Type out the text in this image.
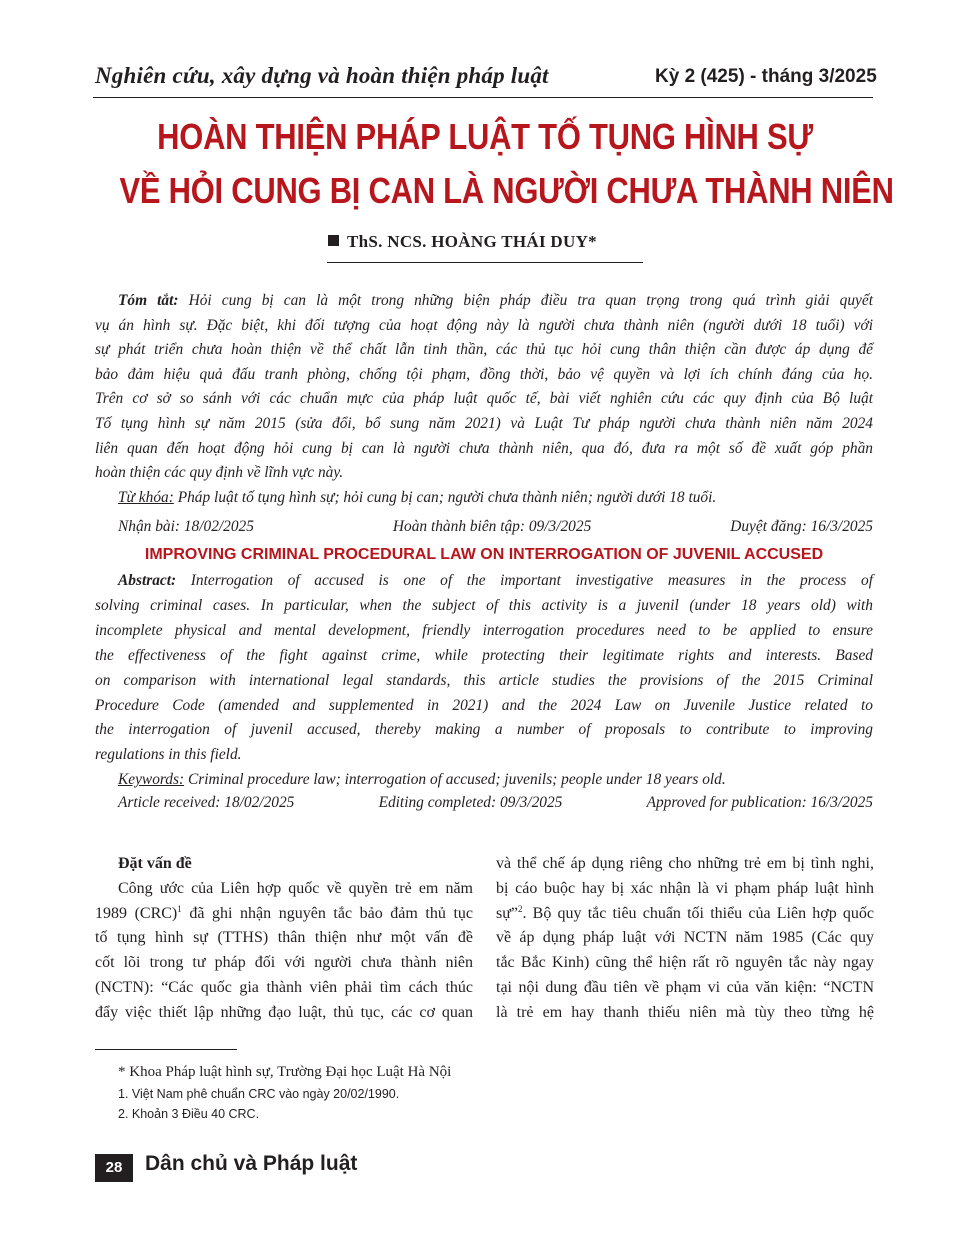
Nghiên cứu, xây dựng và hoàn thiện pháp luật	Kỳ 2 (425) - tháng 3/2025
HOÀN THIỆN PHÁP LUẬT TỐ TỤNG HÌNH SỰ
VỀ HỎI CUNG BỊ CAN LÀ NGƯỜI CHƯA THÀNH NIÊN
ThS. NCS. HOÀNG THÁI DUY*
Tóm tắt: Hỏi cung bị can là một trong những biện pháp điều tra quan trọng trong quá trình giải quyết
vụ án hình sự. Đặc biệt, khi đối tượng của hoạt động này là người chưa thành niên (người dưới 18 tuổi) với
sự phát triển chưa hoàn thiện về thể chất lẫn tinh thần, các thủ tục hỏi cung thân thiện cần được áp dụng để
bảo đảm hiệu quả đấu tranh phòng, chống tội phạm, đồng thời, bảo vệ quyền và lợi ích chính đáng của họ.
Trên cơ sở so sánh với các chuẩn mực của pháp luật quốc tế, bài viết nghiên cứu các quy định của Bộ luật
Tố tụng hình sự năm 2015 (sửa đổi, bổ sung năm 2021) và Luật Tư pháp người chưa thành niên năm 2024
liên quan đến hoạt động hỏi cung bị can là người chưa thành niên, qua đó, đưa ra một số đề xuất góp phần
hoàn thiện các quy định về lĩnh vực này.
Từ khóa: Pháp luật tố tụng hình sự; hỏi cung bị can; người chưa thành niên; người dưới 18 tuổi.
Nhận bài: 18/02/2025	Hoàn thành biên tập: 09/3/2025	Duyệt đăng: 16/3/2025
IMPROVING CRIMINAL PROCEDURAL LAW ON INTERROGATION OF JUVENIL ACCUSED
Abstract: Interrogation of accused is one of the important investigative measures in the process of
solving criminal cases. In particular, when the subject of this activity is a juvenil (under 18 years old) with
incomplete physical and mental development, friendly interrogation procedures need to be applied to ensure
the effectiveness of the fight against crime, while protecting their legitimate rights and interests. Based
on comparison with international legal standards, this article studies the provisions of the 2015 Criminal
Procedure Code (amended and supplemented in 2021) and the 2024 Law on Juvenile Justice related to
the interrogation of juvenil accused, thereby making a number of proposals to contribute to improving
regulations in this field.
Keywords: Criminal procedure law; interrogation of accused; juvenils; people under 18 years old.
Article received: 18/02/2025	Editing completed: 09/3/2025	Approved for publication: 16/3/2025
Đặt vấn đề
Công ước của Liên hợp quốc về quyền trẻ em năm
1989 (CRC)$^1$ đã ghi nhận nguyên tắc bảo đảm thủ tục
tố tụng hình sự (TTHS) thân thiện như một vấn đề
cốt lõi trong tư pháp đối với người chưa thành niên
(NCTN): “Các quốc gia thành viên phải tìm cách thúc
đẩy việc thiết lập những đạo luật, thủ tục, các cơ quan
và thể chế áp dụng riêng cho những trẻ em bị tình nghi,
bị cáo buộc hay bị xác nhận là vi phạm pháp luật hình
sự”$^2$. Bộ quy tắc tiêu chuẩn tối thiểu của Liên hợp quốc
về áp dụng pháp luật với NCTN năm 1985 (Các quy
tắc Bắc Kinh) cũng thể hiện rất rõ nguyên tắc này ngay
tại nội dung đầu tiên về phạm vi của văn kiện: “NCTN
là trẻ em hay thanh thiếu niên mà tùy theo từng hệ
* Khoa Pháp luật hình sự, Trường Đại học Luật Hà Nội
1. Việt Nam phê chuẩn CRC vào ngày 20/02/1990.
2. Khoản 3 Điều 40 CRC.
28	Dân chủ và Pháp luật
